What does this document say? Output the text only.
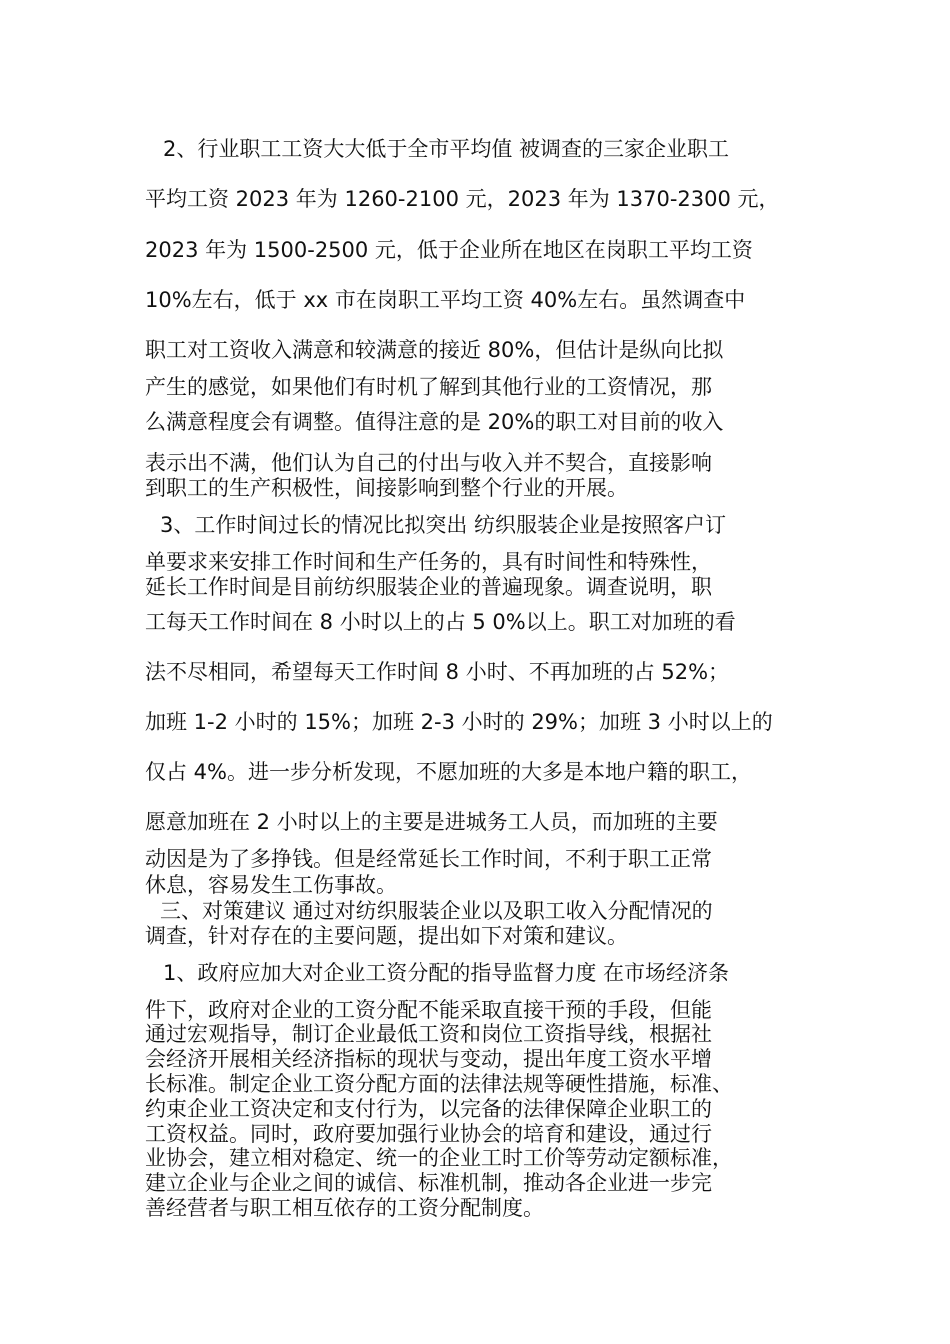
2、行业职工工资大大低于全市平均值 被调查的三家企业职工
平均工资 2023 年为 1260-2100 元，2023 年为 1370-2300 元，
2023 年为 1500-2500 元，低于企业所在地区在岗职工平均工资
10%左右，低于 xx 市在岗职工平均工资 40%左右。虽然调查中
职工对工资收入满意和较满意的接近 80%，但估计是纵向比拟
产生的感觉，如果他们有时机了解到其他行业的工资情况，那
么满意程度会有调整。值得注意的是 20%的职工对目前的收入
表示出不满，他们认为自己的付出与收入并不契合，直接影响
到职工的生产积极性，间接影响到整个行业的开展。
3、工作时间过长的情况比拟突出 纺织服装企业是按照客户订
单要求来安排工作时间和生产任务的，具有时间性和特殊性，
延长工作时间是目前纺织服装企业的普遍现象。调查说明，职
工每天工作时间在 8 小时以上的占 5 0%以上。职工对加班的看
法不尽相同，希望每天工作时间 8 小时、不再加班的占 52%；
加班 1-2 小时的 15%；加班 2-3 小时的 29%；加班 3 小时以上的
仅占 4%。进一步分析发现，不愿加班的大多是本地户籍的职工，
愿意加班在 2 小时以上的主要是进城务工人员，而加班的主要
动因是为了多挣钱。但是经常延长工作时间，不利于职工正常
休息，容易发生工伤事故。
三、对策建议 通过对纺织服装企业以及职工收入分配情况的
调查，针对存在的主要问题，提出如下对策和建议。
1、政府应加大对企业工资分配的指导监督力度 在市场经济条
件下，政府对企业的工资分配不能采取直接干预的手段，但能
通过宏观指导，制订企业最低工资和岗位工资指导线，根据社
会经济开展相关经济指标的现状与变动，提出年度工资水平增
长标准。制定企业工资分配方面的法律法规等硬性措施，标准、
约束企业工资决定和支付行为，以完备的法律保障企业职工的
工资权益。同时，政府要加强行业协会的培育和建设，通过行
业协会，建立相对稳定、统一的企业工时工价等劳动定额标准，
建立企业与企业之间的诚信、标准机制，推动各企业进一步完
善经营者与职工相互依存的工资分配制度。
